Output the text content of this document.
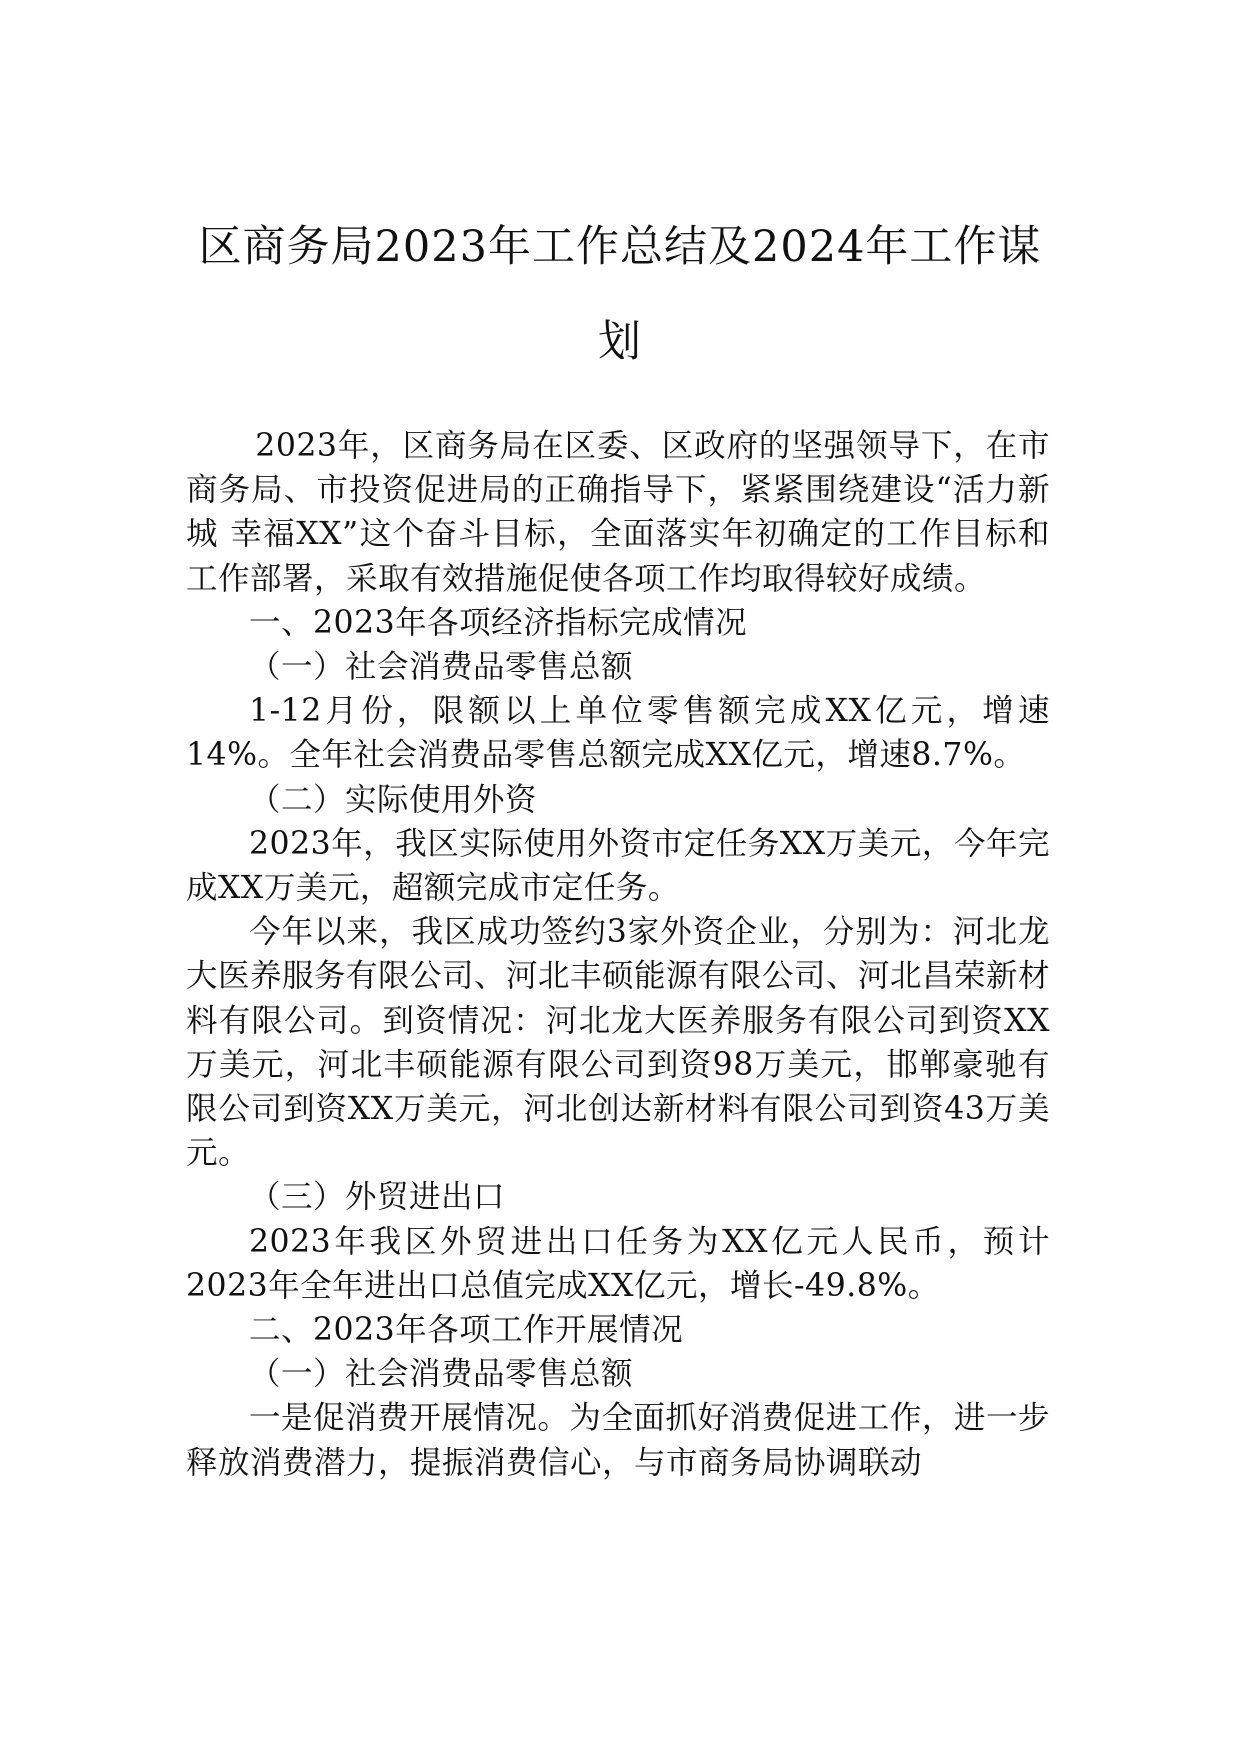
区商务局2023年工作总结及2024年工作谋划

2023年，区商务局在区委、区政府的坚强领导下，在市商务局、市投资促进局的正确指导下，紧紧围绕建设“活力新城 幸福XX”这个奋斗目标，全面落实年初确定的工作目标和工作部署，采取有效措施促使各项工作均取得较好成绩。

一、2023年各项经济指标完成情况

（一）社会消费品零售总额

1-12月份，限额以上单位零售额完成XX亿元，增速14%。全年社会消费品零售总额完成XX亿元，增速8.7%。

（二）实际使用外资

2023年，我区实际使用外资市定任务XX万美元，今年完成XX万美元，超额完成市定任务。

今年以来，我区成功签约3家外资企业，分别为：河北龙大医养服务有限公司、河北丰硕能源有限公司、河北昌荣新材料有限公司。到资情况：河北龙大医养服务有限公司到资XX万美元，河北丰硕能源有限公司到资98万美元，邯郸豪驰有限公司到资XX万美元，河北创达新材料有限公司到资43万美元。

（三）外贸进出口

2023年我区外贸进出口任务为XX亿元人民币，预计2023年全年进出口总值完成XX亿元，增长-49.8%。

二、2023年各项工作开展情况

（一）社会消费品零售总额

一是促消费开展情况。为全面抓好消费促进工作，进一步释放消费潜力，提振消费信心，与市商务局协调联动
